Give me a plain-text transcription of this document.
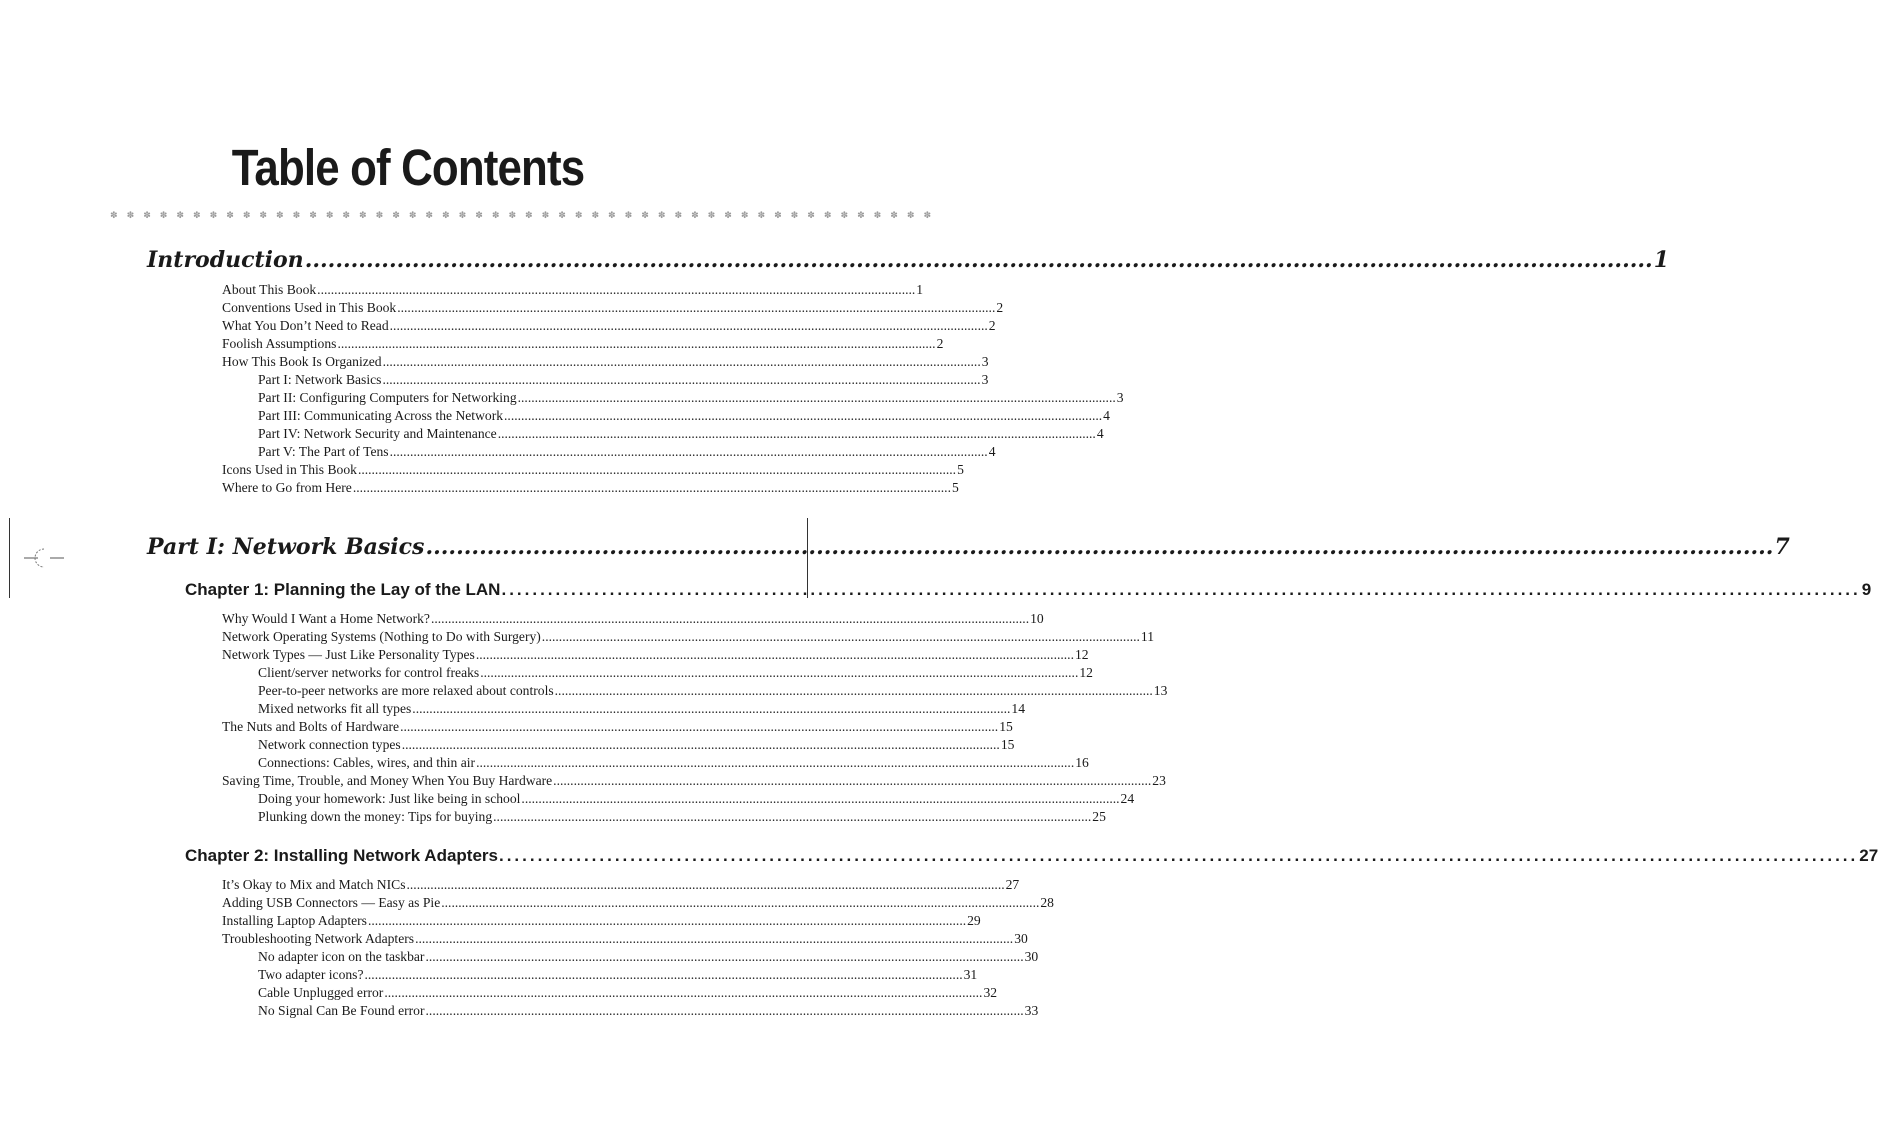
Table of Contents
✽ ✽ ✽ ✽ ✽ ✽ ✽ ✽ ✽ ✽ ✽ ✽ ✽ ✽ ✽ ✽ ✽ ✽ ✽ ✽ ✽ ✽ ✽ ✽ ✽ ✽ ✽ ✽ ✽ ✽ ✽ ✽ ✽ ✽ ✽ ✽ ✽ ✽ ✽ ✽ ✽ ✽ ✽ ✽ ✽ ✽ ✽ ✽ ✽ ✽
Introduction .....	1
About This Book .....	1
Conventions Used in This Book .....	2
What You Don’t Need to Read .....	2
Foolish Assumptions .....	2
How This Book Is Organized .....	3
Part I: Network Basics .....	3
Part II: Configuring Computers for Networking .....	3
Part III: Communicating Across the Network .....	4
Part IV: Network Security and Maintenance .....	4
Part V: The Part of Tens .....	4
Icons Used in This Book .....	5
Where to Go from Here .....	5
Part I: Network Basics .....	7
Chapter 1: Planning the Lay of the LAN .....	9
Why Would I Want a Home Network? .....	10
Network Operating Systems (Nothing to Do with Surgery) .....	11
Network Types — Just Like Personality Types .....	12
Client/server networks for control freaks .....	12
Peer-to-peer networks are more relaxed about controls .....	13
Mixed networks fit all types .....	14
The Nuts and Bolts of Hardware .....	15
Network connection types .....	15
Connections: Cables, wires, and thin air .....	16
Saving Time, Trouble, and Money When You Buy Hardware .....	23
Doing your homework: Just like being in school .....	24
Plunking down the money: Tips for buying .....	25
Chapter 2: Installing Network Adapters .....	27
It’s Okay to Mix and Match NICs .....	27
Adding USB Connectors — Easy as Pie .....	28
Installing Laptop Adapters .....	29
Troubleshooting Network Adapters .....	30
No adapter icon on the taskbar .....	30
Two adapter icons? .....	31
Cable Unplugged error .....	32
No Signal Can Be Found error .....	33
